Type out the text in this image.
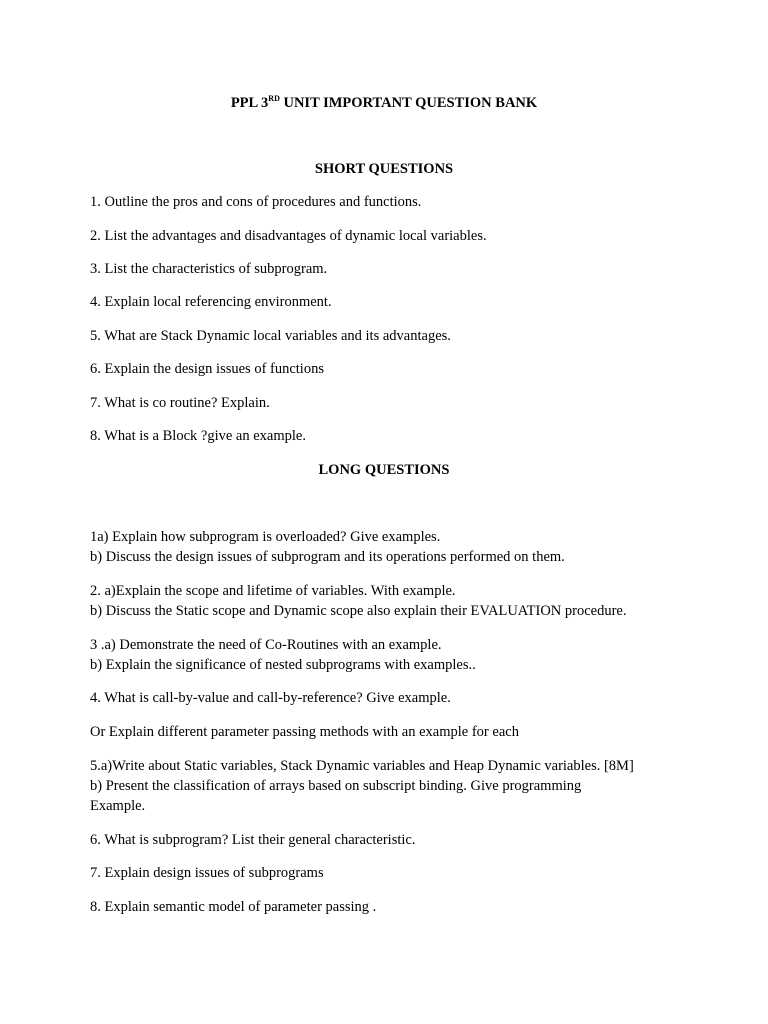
PPL 3RD UNIT IMPORTANT QUESTION BANK
SHORT QUESTIONS
1. Outline the pros and cons of procedures and functions.
2. List the advantages and disadvantages of dynamic local variables.
3. List the characteristics of subprogram.
4. Explain local referencing environment.
5. What are Stack Dynamic local variables and its advantages.
6. Explain the design issues of functions
7. What is co routine? Explain.
8. What is a Block ?give an example.
LONG QUESTIONS
1a) Explain how subprogram is overloaded? Give examples.
b) Discuss the design issues of subprogram and its operations performed on them.
2. a)Explain the scope and lifetime of variables. With example.
b) Discuss the Static scope and Dynamic scope also explain their EVALUATION procedure.
3 .a) Demonstrate the need of Co-Routines with an example.
b) Explain the significance of nested subprograms with examples..
4. What is call-by-value and call-by-reference? Give example.
Or Explain different parameter passing methods with an example for each
5.a)Write about Static variables, Stack Dynamic variables and Heap Dynamic variables. [8M]
b) Present the classification of arrays based on subscript binding. Give programming
Example.
6. What is subprogram? List their general characteristic.
7. Explain design issues of subprograms
8. Explain semantic model of parameter passing .
